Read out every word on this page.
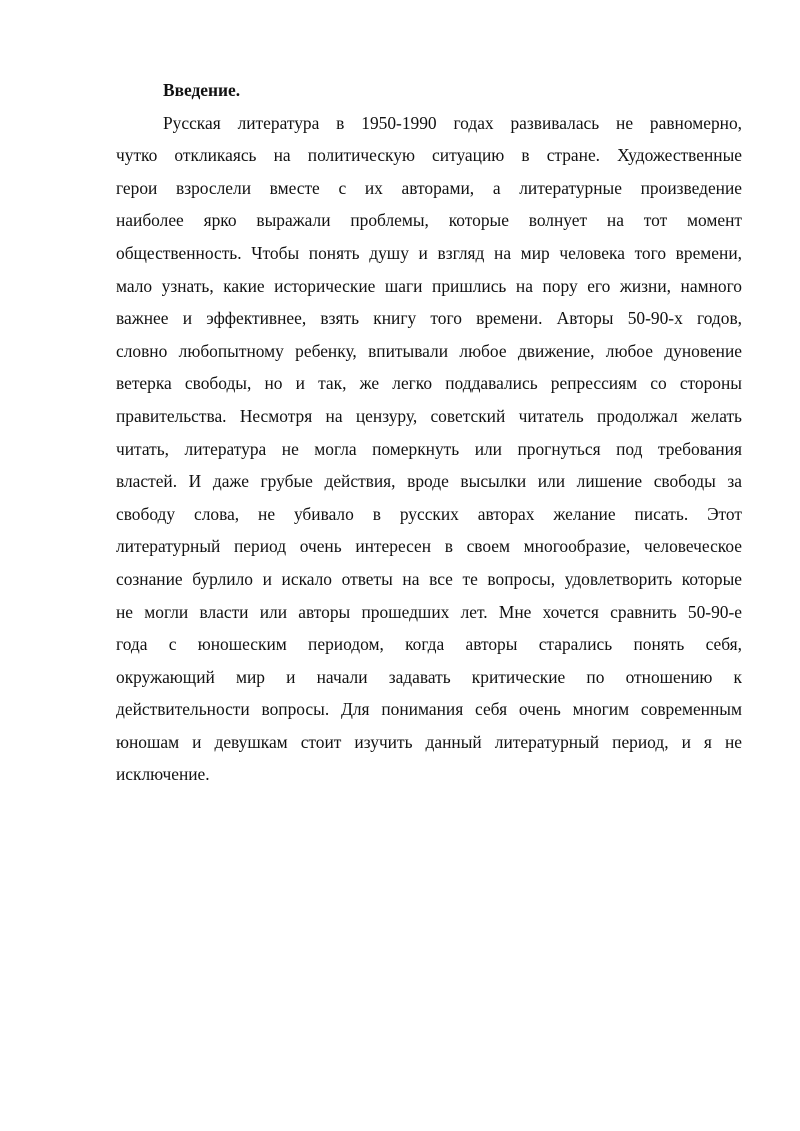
Введение.
Русская литература в 1950-1990 годах развивалась не равномерно,
чутко откликаясь на политическую ситуацию в стране. Художественные
герои взрослели вместе с их авторами, а литературные произведение
наиболее ярко выражали проблемы, которые волнует на тот момент
общественность. Чтобы понять душу и взгляд на мир человека того времени,
мало узнать, какие исторические шаги пришлись на пору его жизни, намного
важнее и эффективнее, взять книгу того времени. Авторы 50-90-х годов,
словно любопытному ребенку, впитывали любое движение, любое дуновение
ветерка свободы, но и так, же легко поддавались репрессиям со стороны
правительства. Несмотря на цензуру, советский читатель продолжал желать
читать, литература не могла померкнуть или прогнуться под требования
властей. И даже грубые действия, вроде высылки или лишение свободы за
свободу слова, не убивало в русских авторах желание писать. Этот
литературный период очень интересен в своем многообразие, человеческое
сознание бурлило и искало ответы на все те вопросы, удовлетворить которые
не могли власти или авторы прошедших лет. Мне хочется сравнить 50-90-е
года с юношеским периодом, когда авторы старались понять себя,
окружающий мир и начали задавать критические по отношению к
действительности вопросы. Для понимания себя очень многим современным
юношам и девушкам стоит изучить данный литературный период, и я не
исключение.
